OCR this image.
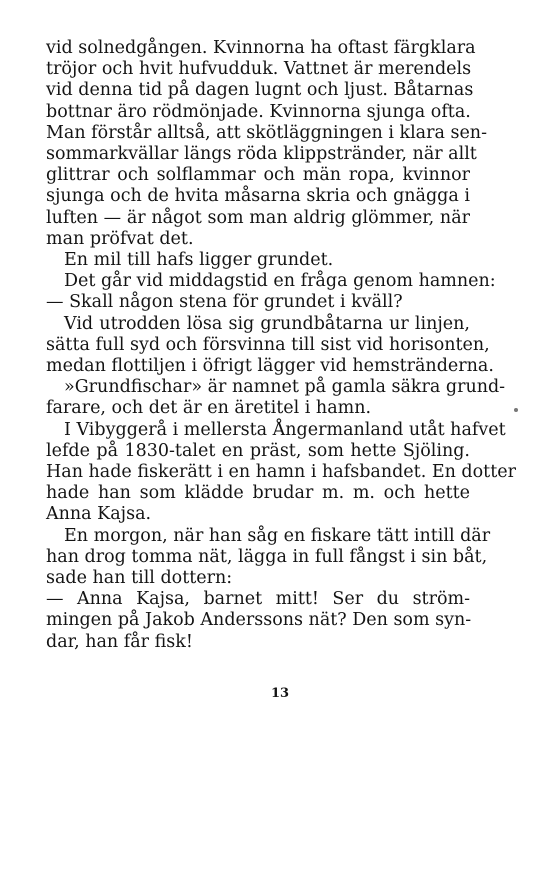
vid solnedgången. Kvinnorna ha oftast färgklara
tröjor och hvit hufvudduk. Vattnet är merendels
vid denna tid på dagen lugnt och ljust. Båtarnas
bottnar äro rödmönjade. Kvinnorna sjunga ofta.
Man förstår alltså, att skötläggningen i klara sen-
sommarkvällar längs röda klippstränder, när allt
glittrar och solflammar och män ropa, kvinnor
sjunga och de hvita måsarna skria och gnägga i
luften — är något som man aldrig glömmer, när
man pröfvat det.

En mil till hafs ligger grundet.

Det går vid middagstid en fråga genom hamnen:

— Skall någon stena för grundet i kväll?

Vid utrodden lösa sig grundbåtarna ur linjen,
sätta full syd och försvinna till sist vid horisonten,
medan flottiljen i öfrigt lägger vid hemstränderna.

»Grundfischar» är namnet på gamla säkra grund-
farare, och det är en äretitel i hamn.

I Vibyggerå i mellersta Ångermanland utåt hafvet
lefde på 1830-talet en präst, som hette Sjöling.
Han hade fiskerätt i en hamn i hafsbandet. En dotter
hade han som klädde brudar m. m. och hette
Anna Kajsa.

En morgon, när han såg en fiskare tätt intill där
han drog tomma nät, lägga in full fångst i sin båt,
sade han till dottern:

— Anna Kajsa, barnet mitt! Ser du ström-
mingen på Jakob Anderssons nät? Den som syn-
dar, han får fisk!

13
